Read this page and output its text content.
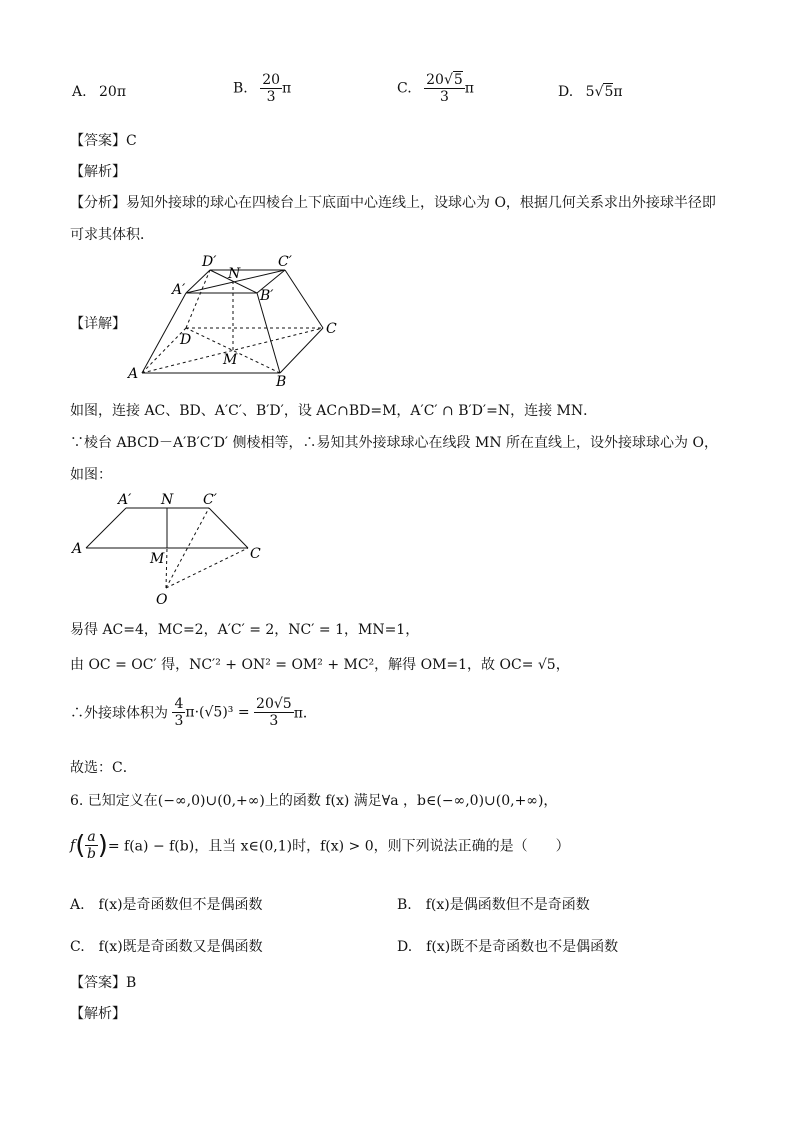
A. 20π	B. $\frac{20}{3}$ π	C. $\frac{20√5}{3}$ π	D. 5√5π
【答案】C
【解析】
【分析】易知外接球的球心在四棱台上下底面中心连线上，设球心为 O，根据几何关系求出外接球半径即
可求其体积．
【详解】
D′
N
C′
A′	B′
C
D
M
A	B
如图，连接 AC、BD、A′C′、B′D′，设 AC∩BD=M，A′C′ ∩ B′D′=N，连接 MN．
∵棱台 ABCD－A′B′C′D′ 侧棱相等，∴易知其外接球球心在线段 MN 所在直线上，设外接球球心为 O，
如图：
A′ N C′
A
M	C
O
易得 AC=4，MC=2，A′C′ = 2，NC′ = 1，MN=1，
由 OC = OC′ 得，NC′² + ON² = OM² + MC²，解得 OM=1，故 OC= √5，
∴外接球体积为 $\frac{4}{3} \pi\cdot(√5)^3 = \frac{20√5}{3}$ π．
故选：C．
6. 已知定义在(−∞,0)∪(0,+∞)上的函数 f(x) 满足∀a ，b∈(−∞,0)∪(0,+∞)，
$f( \frac{a}{b}$ )= f(a) − f(b)，且当 x∈(0,1)时，f(x) > 0，则下列说法正确的是（　　）
A.　f(x)是奇函数但不是偶函数	B.　f(x)是偶函数但不是奇函数
C.　f(x)既是奇函数又是偶函数	D.　f(x)既不是奇函数也不是偶函数
【答案】B
【解析】
